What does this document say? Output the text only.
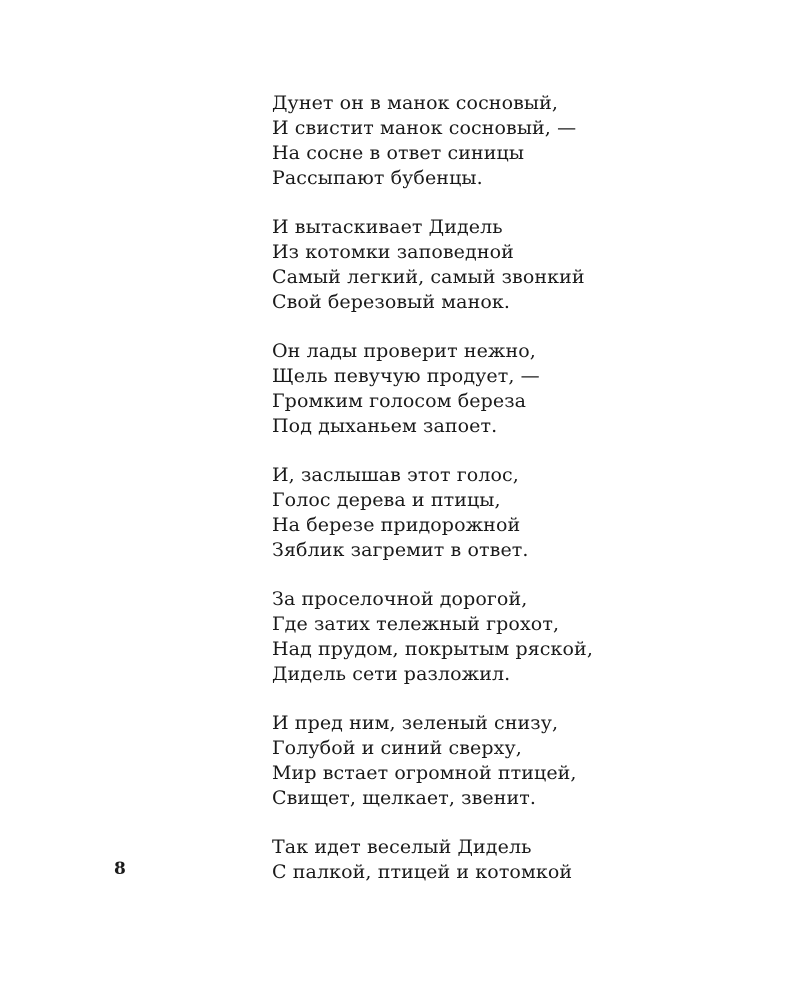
Дунет он в манок сосновый,
И свистит манок сосновый, —
На сосне в ответ синицы
Рассыпают бубенцы.
И вытаскивает Дидель
Из котомки заповедной
Самый легкий, самый звонкий
Свой березовый манок.
Он лады проверит нежно,
Щель певучую продует, —
Громким голосом береза
Под дыханьем запоет.
И, заслышав этот голос,
Голос дерева и птицы,
На березе придорожной
Зяблик загремит в ответ.
За проселочной дорогой,
Где затих тележный грохот,
Над прудом, покрытым ряской,
Дидель сети разложил.
И пред ним, зеленый снизу,
Голубой и синий сверху,
Мир встает огромной птицей,
Свищет, щелкает, звенит.
Так идет веселый Дидель
С палкой, птицей и котомкой
8
